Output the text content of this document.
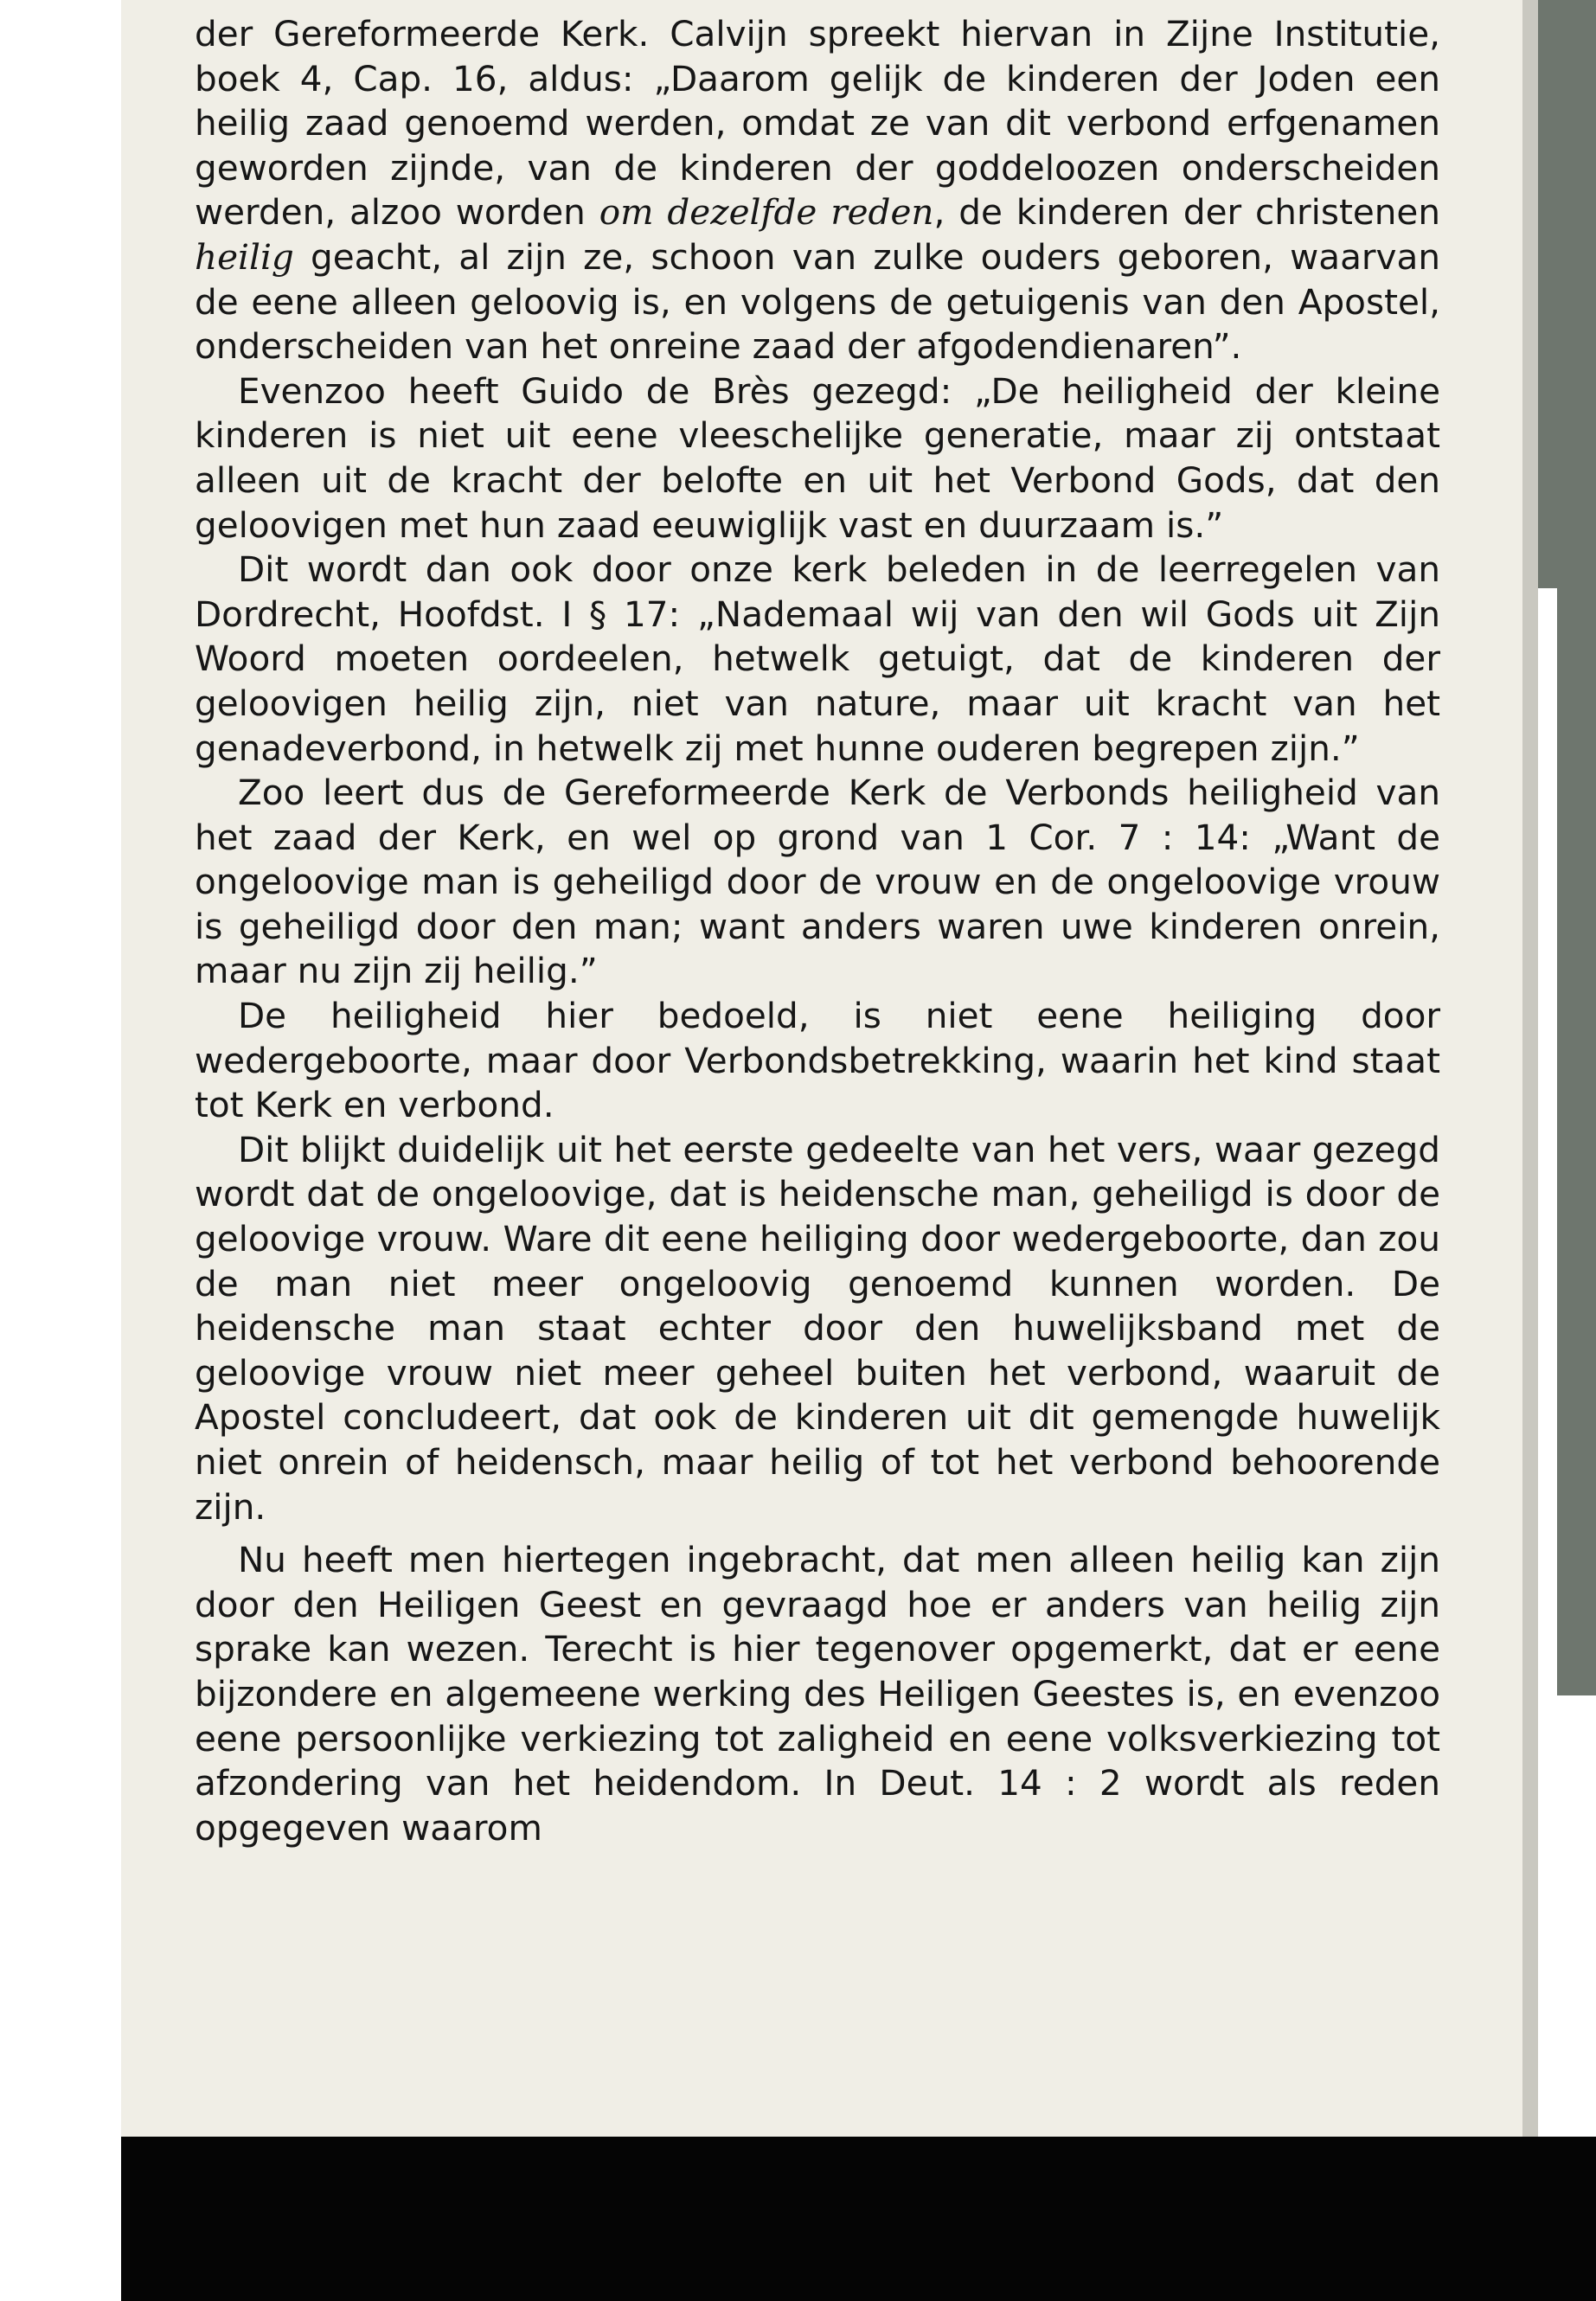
der Gereformeerde Kerk. Calvijn spreekt hiervan in Zijne Institutie, boek 4, Cap. 16, aldus: „Daarom gelijk de kinderen der Joden een heilig zaad genoemd werden, omdat ze van dit verbond erfgenamen geworden zijnde, van de kinderen der goddeloozen onderscheiden werden, alzoo worden om dezelfde reden, de kinderen der christenen heilig geacht, al zijn ze, schoon van zulke ouders geboren, waarvan de eene alleen geloovig is, en volgens de getuigenis van den Apostel, onderscheiden van het onreine zaad der afgodendienaren”.

Evenzoo heeft Guido de Brès gezegd: „De heiligheid der kleine kinderen is niet uit eene vleeschelijke generatie, maar zij ontstaat alleen uit de kracht der belofte en uit het Verbond Gods, dat den geloovigen met hun zaad eeuwiglijk vast en duurzaam is.”

Dit wordt dan ook door onze kerk beleden in de leerregelen van Dordrecht, Hoofdst. I § 17: „Nademaal wij van den wil Gods uit Zijn Woord moeten oordeelen, hetwelk getuigt, dat de kinderen der geloovigen heilig zijn, niet van nature, maar uit kracht van het genadeverbond, in hetwelk zij met hunne ouderen begrepen zijn.”

Zoo leert dus de Gereformeerde Kerk de Verbonds heiligheid van het zaad der Kerk, en wel op grond van 1 Cor. 7 : 14: „Want de ongeloovige man is geheiligd door de vrouw en de ongeloovige vrouw is geheiligd door den man; want anders waren uwe kinderen onrein, maar nu zijn zij heilig.”

De heiligheid hier bedoeld, is niet eene heiliging door wedergeboorte, maar door Verbondsbetrekking, waarin het kind staat tot Kerk en verbond.

Dit blijkt duidelijk uit het eerste gedeelte van het vers, waar gezegd wordt dat de ongeloovige, dat is heidensche man, geheiligd is door de geloovige vrouw. Ware dit eene heiliging door wedergeboorte, dan zou de man niet meer ongeloovig genoemd kunnen worden. De heidensche man staat echter door den huwelijksband met de geloovige vrouw niet meer geheel buiten het verbond, waaruit de Apostel concludeert, dat ook de kinderen uit dit gemengde huwelijk niet onrein of heidensch, maar heilig of tot het verbond behoorende zijn.

Nu heeft men hiertegen ingebracht, dat men alleen heilig kan zijn door den Heiligen Geest en gevraagd hoe er anders van heilig zijn sprake kan wezen. Terecht is hier tegenover opgemerkt, dat er eene bijzondere en algemeene werking des Heiligen Geestes is, en evenzoo eene persoonlijke verkiezing tot zaligheid en eene volksverkiezing tot afzondering van het heidendom. In Deut. 14 : 2 wordt als reden opgegeven waarom
